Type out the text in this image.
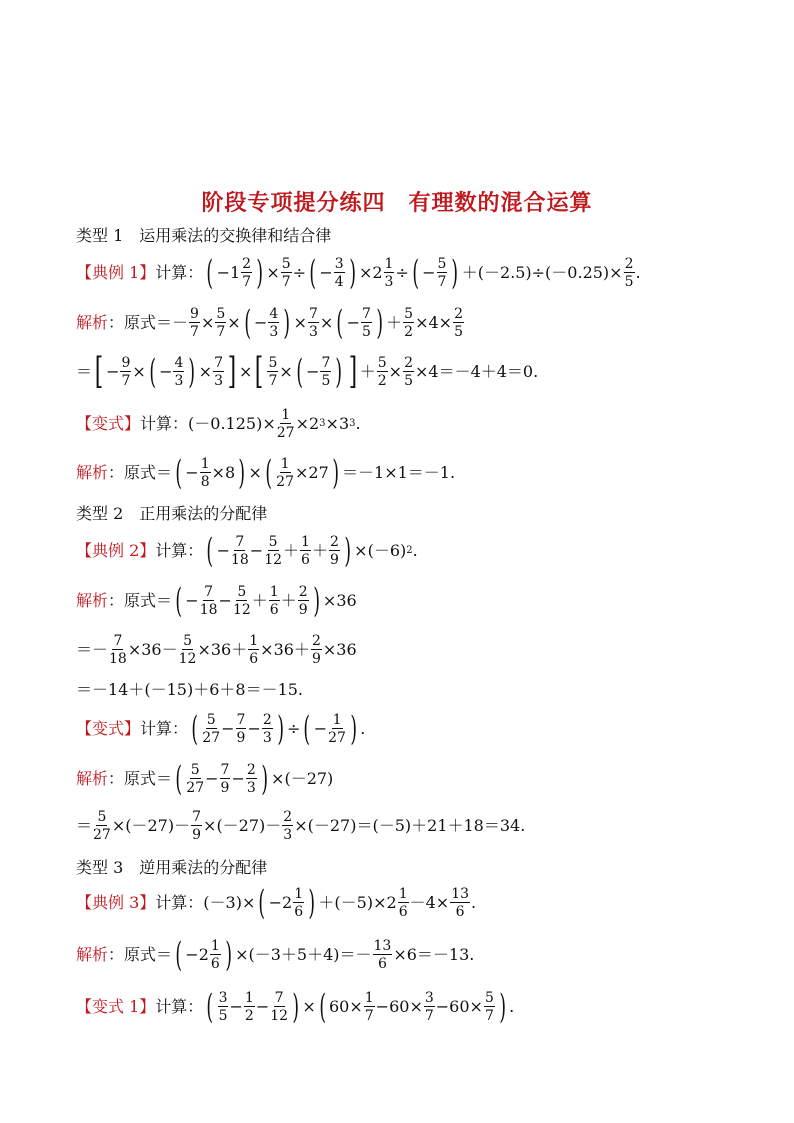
阶段专项提分练四　有理数的混合运算
类型 1　运用乘法的交换律和结合律
【典例 1】 计算： ( $-1 \frac{2}{7}$ ) × $\frac{5}{7}$ ÷ ( − $\frac{3}{4}$ ) $\times 2 \frac{1}{3}$ ÷ ( − $\frac{5}{7}$ ) $+(-2.5)\div(-0.25)\times \frac{2}{5}$ .
解析 ：原式＝ － $\frac{9}{7} \times \frac{5}{7}$ × ( − $\frac{4}{3}$ ) × $\frac{7}{3}$ × ( − $\frac{7}{5}$ ) ＋ $\frac{5}{2} \times 4\times \frac{2}{5}$
＝ [ − $\frac{9}{7}$ × ( − $\frac{4}{3}$ ) × $\frac{7}{3}$ ] × [ $\frac{5}{7}$ × ( − $\frac{7}{5}$ ) ] ＋ $\frac{5}{2} \times \frac{2}{5} \times 4=-4+4=0$.
【变式】 计算： $(-0.125)\times \frac{1}{27} \times 2$ 3 ×3 3 .
解析 ：原式＝ ( − $\frac{1}{8} \times 8$ ) × ( $\frac{1}{27} \times 27$ ) ＝－1×1＝－1.
类型 2　正用乘法的分配律
【典例 2】 计算： ( − $\frac{7}{18} - \frac{5}{12} + \frac{1}{6} + \frac{2}{9}$ ) ×(－6) 2 .
解析 ：原式＝ ( − $\frac{7}{18} - \frac{5}{12} + \frac{1}{6} + \frac{2}{9}$ ) ×36
＝－ $\frac{7}{18} \times 36- \frac{5}{12} \times 36+ \frac{1}{6} \times 36+ \frac{2}{9} \times 36$
＝－14＋(－15)＋6＋8＝－15.
【变式】 计算： ( $\frac{5}{27} - \frac{7}{9} - \frac{2}{3}$ ) ÷ ( − $\frac{1}{27}$ ) .
解析 ：原式＝ ( $\frac{5}{27} - \frac{7}{9} - \frac{2}{3}$ ) ×(－27)
＝ $\frac{5}{27} \times(-27)- \frac{7}{9} \times(-27)- \frac{2}{3} \times(-27)=(-5)+21+18=34$.
类型 3　逆用乘法的分配律
【典例 3】 计算： (－3)× ( $-2 \frac{1}{6}$ ) $+(-5)\times 2 \frac{1}{6} -4\times \frac{13}{6}$ .
解析 ：原式＝ ( $-2 \frac{1}{6}$ ) $\times(-3+5+4)=- \frac{13}{6} \times 6=-13$.
【变式 1】 计算： ( $\frac{3}{5} - \frac{1}{2} - \frac{7}{12}$ ) × ( $60\times \frac{1}{7} -60\times \frac{3}{7} -60\times \frac{5}{7}$ ) .
